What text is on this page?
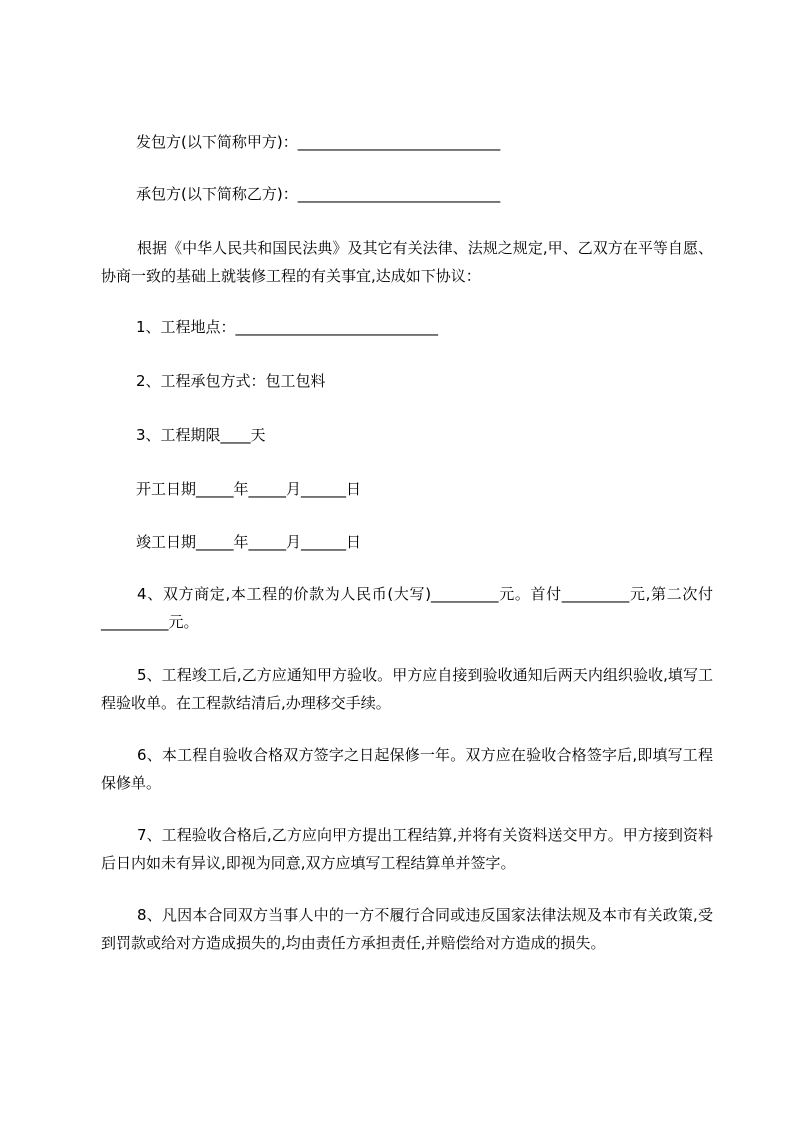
发包方(以下简称甲方)：___________________________
承包方(以下简称乙方)：___________________________
根据《中华人民共和国民法典》及其它有关法律、法规之规定,甲、乙双方在平等自愿、协商一致的基础上就装修工程的有关事宜,达成如下协议：
1、工程地点：___________________________
2、工程承包方式：包工包料
3、工程期限____天
开工日期_____年_____月______日
竣工日期_____年_____月______日
4、双方商定,本工程的价款为人民币(大写)_________元。首付_________元,第二次付_________元。
5、工程竣工后,乙方应通知甲方验收。甲方应自接到验收通知后两天内组织验收,填写工程验收单。在工程款结清后,办理移交手续。
6、本工程自验收合格双方签字之日起保修一年。双方应在验收合格签字后,即填写工程保修单。
7、工程验收合格后,乙方应向甲方提出工程结算,并将有关资料送交甲方。甲方接到资料后日内如未有异议,即视为同意,双方应填写工程结算单并签字。
8、凡因本合同双方当事人中的一方不履行合同或违反国家法律法规及本市有关政策,受到罚款或给对方造成损失的,均由责任方承担责任,并赔偿给对方造成的损失。
